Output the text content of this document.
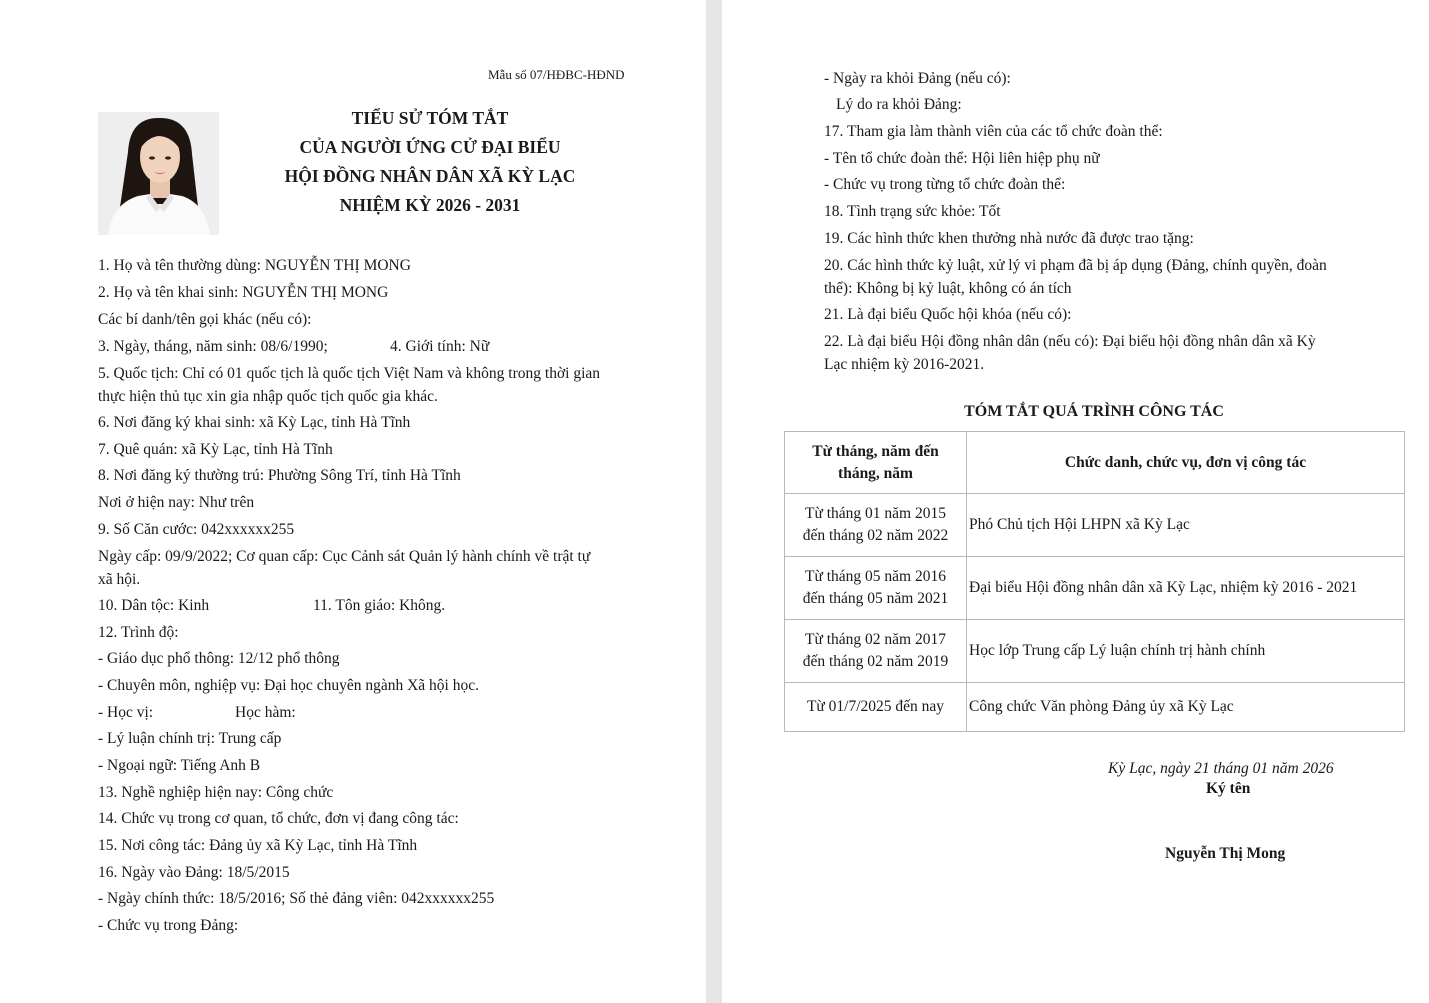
Mẫu số 07/HĐBC-HĐND
TIỂU SỬ TÓM TẮT
CỦA NGƯỜI ỨNG CỬ ĐẠI BIỂU
HỘI ĐỒNG NHÂN DÂN XÃ KỲ LẠC
NHIỆM KỲ 2026 - 2031
1. Họ và tên thường dùng: NGUYỄN THỊ MONG
2. Họ và tên khai sinh: NGUYỄN THỊ MONG
Các bí danh/tên gọi khác (nếu có):
3. Ngày, tháng, năm sinh: 08/6/1990;	4. Giới tính: Nữ
5. Quốc tịch: Chỉ có 01 quốc tịch là quốc tịch Việt Nam và không trong thời gian
thực hiện thủ tục xin gia nhập quốc tịch quốc gia khác.
6. Nơi đăng ký khai sinh: xã Kỳ Lạc, tỉnh Hà Tĩnh
7. Quê quán: xã Kỳ Lạc, tỉnh Hà Tĩnh
8. Nơi đăng ký thường trú: Phường Sông Trí, tỉnh Hà Tĩnh
Nơi ở hiện nay: Như trên
9. Số Căn cước: 042xxxxxx255
Ngày cấp: 09/9/2022; Cơ quan cấp: Cục Cảnh sát Quản lý hành chính về trật tự
xã hội.
10. Dân tộc: Kinh	11. Tôn giáo: Không.
12. Trình độ:
- Giáo dục phổ thông: 12/12 phổ thông
- Chuyên môn, nghiệp vụ: Đại học chuyên ngành Xã hội học.
- Học vị:	Học hàm:
- Lý luận chính trị: Trung cấp
- Ngoại ngữ: Tiếng Anh B
13. Nghề nghiệp hiện nay: Công chức
14. Chức vụ trong cơ quan, tổ chức, đơn vị đang công tác:
15. Nơi công tác: Đảng ủy xã Kỳ Lạc, tỉnh Hà Tĩnh
16. Ngày vào Đảng: 18/5/2015
- Ngày chính thức: 18/5/2016; Số thẻ đảng viên: 042xxxxxx255
- Chức vụ trong Đảng:
- Ngày ra khỏi Đảng (nếu có):
Lý do ra khỏi Đảng:
17. Tham gia làm thành viên của các tổ chức đoàn thể:
- Tên tổ chức đoàn thể: Hội liên hiệp phụ nữ
- Chức vụ trong từng tổ chức đoàn thể:
18. Tình trạng sức khỏe: Tốt
19. Các hình thức khen thưởng nhà nước đã được trao tặng:
20. Các hình thức kỷ luật, xử lý vi phạm đã bị áp dụng (Đảng, chính quyền, đoàn
thể): Không bị kỷ luật, không có án tích
21. Là đại biểu Quốc hội khóa (nếu có):
22. Là đại biểu Hội đồng nhân dân (nếu có): Đại biểu hội đồng nhân dân xã Kỳ
Lạc nhiệm kỳ 2016-2021.
TÓM TẮT QUÁ TRÌNH CÔNG TÁC
Từ tháng, năm đến
tháng, năm	Chức danh, chức vụ, đơn vị công tác

Từ tháng 01 năm 2015
đến tháng 02 năm 2022	Phó Chủ tịch Hội LHPN xã Kỳ Lạc

Từ tháng 05 năm 2016
đến tháng 05 năm 2021	Đại biểu Hội đồng nhân dân xã Kỳ Lạc, nhiệm kỳ 2016 - 2021

Từ tháng 02 năm 2017
đến tháng 02 năm 2019	Học lớp Trung cấp Lý luận chính trị hành chính

Từ 01/7/2025 đến nay	Công chức Văn phòng Đảng ủy xã Kỳ Lạc
Kỳ Lạc, ngày 21 tháng 01 năm 2026
Ký tên
Nguyễn Thị Mong
